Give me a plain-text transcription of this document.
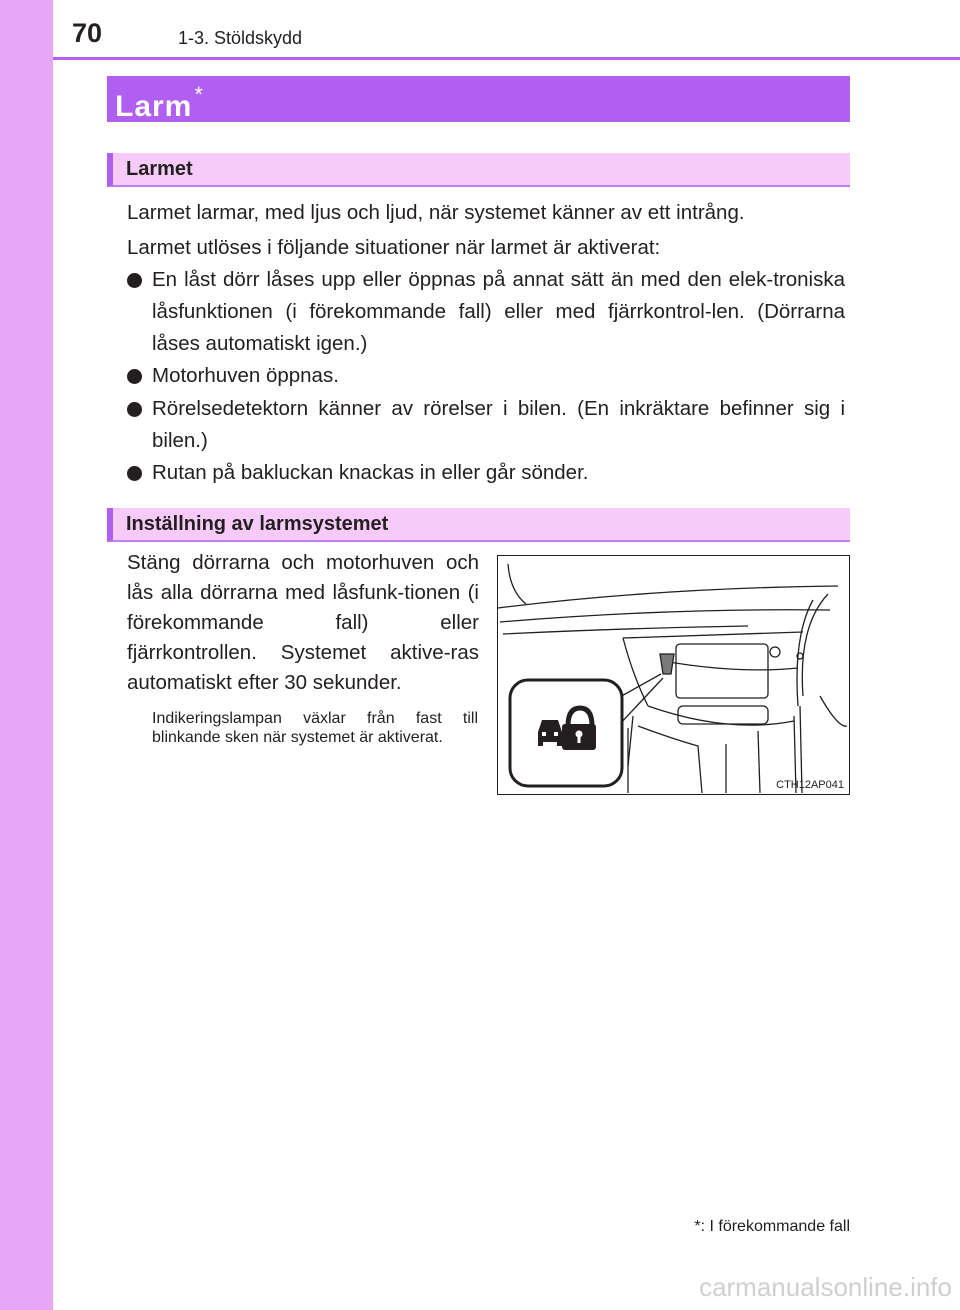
70	1-3. Stöldskydd
Larm*
Larmet
Larmet larmar, med ljus och ljud, när systemet känner av ett intrång.
Larmet utlöses i följande situationer när larmet är aktiverat:
En låst dörr låses upp eller öppnas på annat sätt än med den elek-troniska låsfunktionen (i förekommande fall) eller med fjärrkontrol-len. (Dörrarna låses automatiskt igen.)
Motorhuven öppnas.
Rörelsedetektorn känner av rörelser i bilen. (En inkräktare befinner sig i bilen.)
Rutan på bakluckan knackas in eller går sönder.
Inställning av larmsystemet
Stäng dörrarna och motorhuven och lås alla dörrarna med låsfunk-tionen (i förekommande fall) eller fjärrkontrollen. Systemet aktive-ras automatiskt efter 30 sekunder.
Indikeringslampan växlar från fast till blinkande sken när systemet är aktiverat.
CTH12AP041
*: I förekommande fall
carmanualsonline.info
